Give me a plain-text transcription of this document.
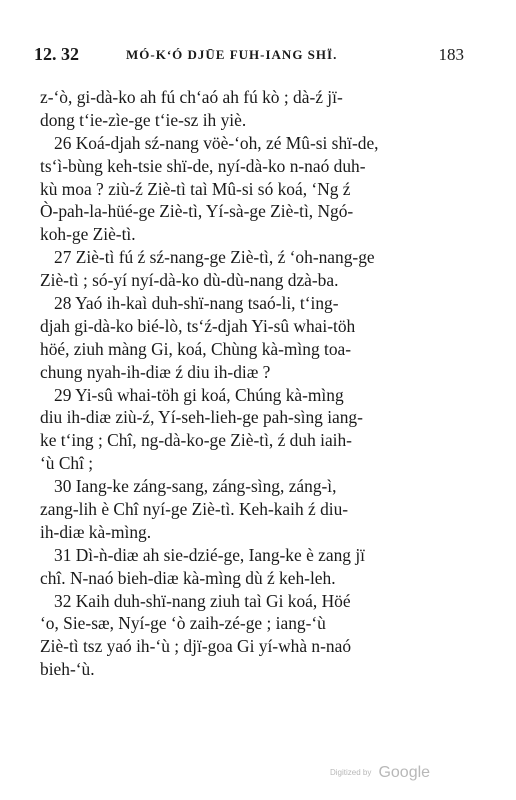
12. 32	MÓ-K‘Ó DJŪE FUH-IANG SHÏ.	183
z-‘ò, gi-dà-ko ah fú ch‘aó ah fú kò ; dà-ź jï-
dong t‘ie-zìe-ge t‘ie-sz ih yiè.
26 Koá-djah sź-nang vöè-‘oh, zé Mû-si shï-de,
ts‘ì-bùng keh-tsie shï-de, nyí-dà-ko n-naó duh-
kù moa ? ziù-ź Ziè-tì taì Mû-si só koá, ‘Ng ź
Ò-pah-la-hüé-ge Ziè-tì, Yí-sà-ge Ziè-tì, Ngó-
koh-ge Ziè-tì.
27 Ziè-tì fú ź sź-nang-ge Ziè-tì, ź ‘oh-nang-ge
Ziè-tì ; só-yí nyí-dà-ko dù-dù-nang dzà-ba.
28 Yaó ih-kaì duh-shï-nang tsaó-li, t‘ing-
djah gi-dà-ko bié-lò, ts‘ź-djah Yi-sû whai-töh
höé, ziuh màng Gi, koá, Chùng kà-mìng toa-
chung nyah-ih-diæ ź diu ih-diæ ?
29 Yi-sû whai-töh gi koá, Chúng kà-mìng
diu ih-diæ ziù-ź, Yí-seh-lieh-ge pah-sìng iang-
ke t‘ing ; Chî, ng-dà-ko-ge Ziè-tì, ź duh iaih-
‘ù Chî ;
30 Iang-ke záng-sang, záng-sìng, záng-ì,
zang-lih è Chî nyí-ge Ziè-tì. Keh-kaih ź diu-
ih-diæ kà-mìng.
31 Dì-ǹ-diæ ah sie-dzié-ge, Iang-ke è zang jï
chî. N-naó bieh-diæ kà-mìng dù ź keh-leh.
32 Kaih duh-shï-nang ziuh taì Gi koá, Höé
‘o, Sie-sæ, Nyí-ge ‘ò zaih-zé-ge ; iang-‘ù
Ziè-tì tsz yaó ih-‘ù ; djï-goa Gi yí-whà n-naó
bieh-‘ù.
Digitized by Google
